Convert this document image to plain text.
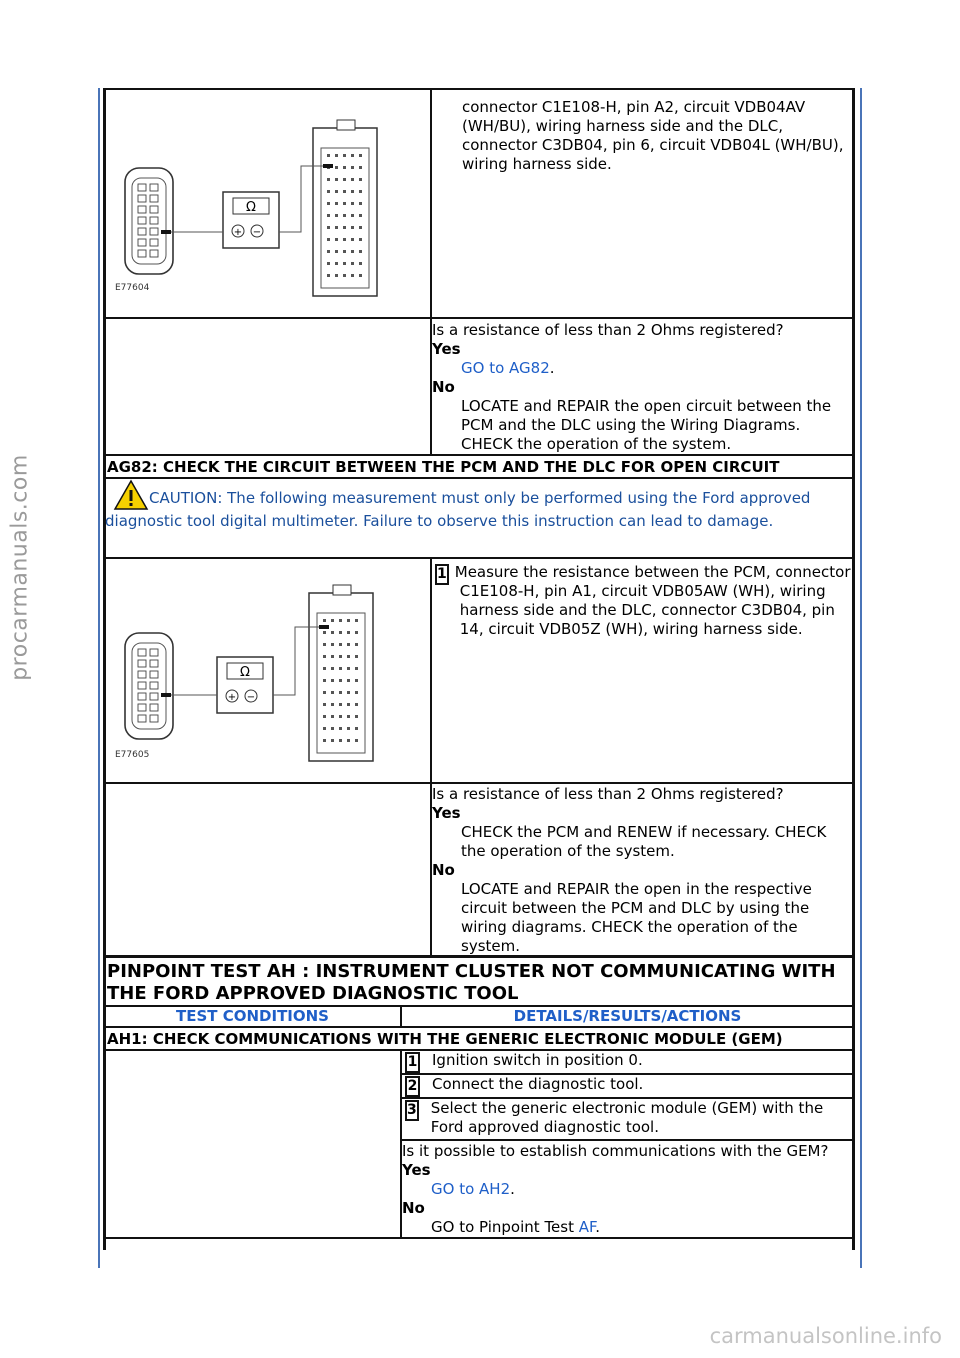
procarmanuals.com
Ω
+ −
E77604	connector C1E108-H, pin A2, circuit VDB04AV (WH/BU), wiring harness side and the DLC, connector C3DB04, pin 6, circuit VDB04L (WH/BU), wiring harness side.

	Is a resistance of less than 2 Ohms registered?
Yes
GO to AG82.
No
LOCATE and REPAIR the open circuit between the PCM and the DLC using the Wiring Diagrams. CHECK the operation of the system.

AG82: CHECK THE CIRCUIT BETWEEN THE PCM AND THE DLC FOR OPEN CIRCUIT	
CAUTION: The following measurement must only be performed using the Ford approved diagnostic tool digital multimeter. Failure to observe this instruction can lead to damage.	

Ω
+ −
E77605	1 Measure the resistance between the PCM, connector C1E108-H, pin A1, circuit VDB05AW (WH), wiring harness side and the DLC, connector C3DB04, pin 14, circuit VDB05Z (WH), wiring harness side.

	Is a resistance of less than 2 Ohms registered?
Yes
CHECK the PCM and RENEW if necessary. CHECK the operation of the system.
No
LOCATE and REPAIR the open in the respective circuit between the PCM and DLC by using the wiring diagrams. CHECK the operation of the system.
PINPOINT TEST AH : INSTRUMENT CLUSTER NOT COMMUNICATING WITH THE FORD APPROVED DIAGNOSTIC TOOL	
TEST CONDITIONS	DETAILS/RESULTS/ACTIONS
AH1: CHECK COMMUNICATIONS WITH THE GENERIC ELECTRONIC MODULE (GEM)	

	1 Ignition switch in position 0.

	2 Connect the diagnostic tool.

	3 Select the generic electronic module (GEM) with the Ford approved diagnostic tool.

	Is it possible to establish communications with the GEM?
Yes
GO to AH2.
No
GO to Pinpoint Test AF.
carmanualsonline.info
